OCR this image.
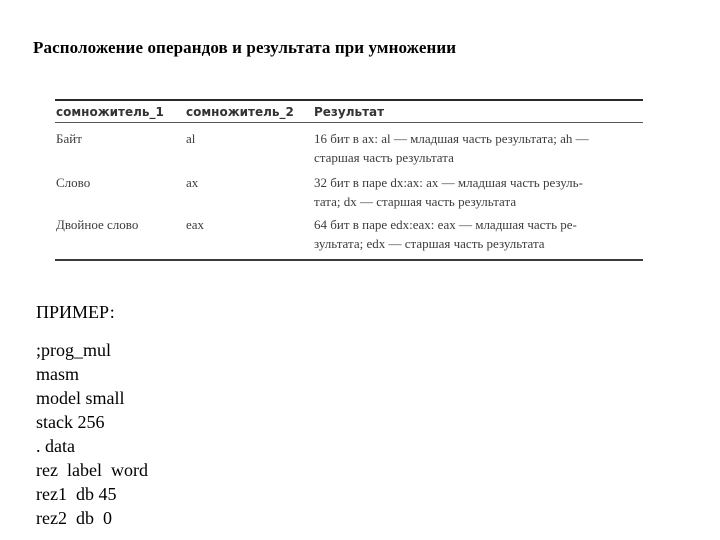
Расположение операндов и результата при умножении
сомножитель_1 сомножитель_2 Результат
Байт	al	16 бит в ax: al — младшая часть результата; ah —
старшая часть результата
Слово	ax	32 бит в паре dx:ax: ax — младшая часть резуль-
тата; dx — старшая часть результата
Двойное слово	eax	64 бит в паре edx:eax: eax — младшая часть ре-
зультата; edx — старшая часть результата
ПРИМЕР:
;prog_mul
masm
model small
stack 256
. data
rez  label  word
rez1  db 45
rez2  db  0
